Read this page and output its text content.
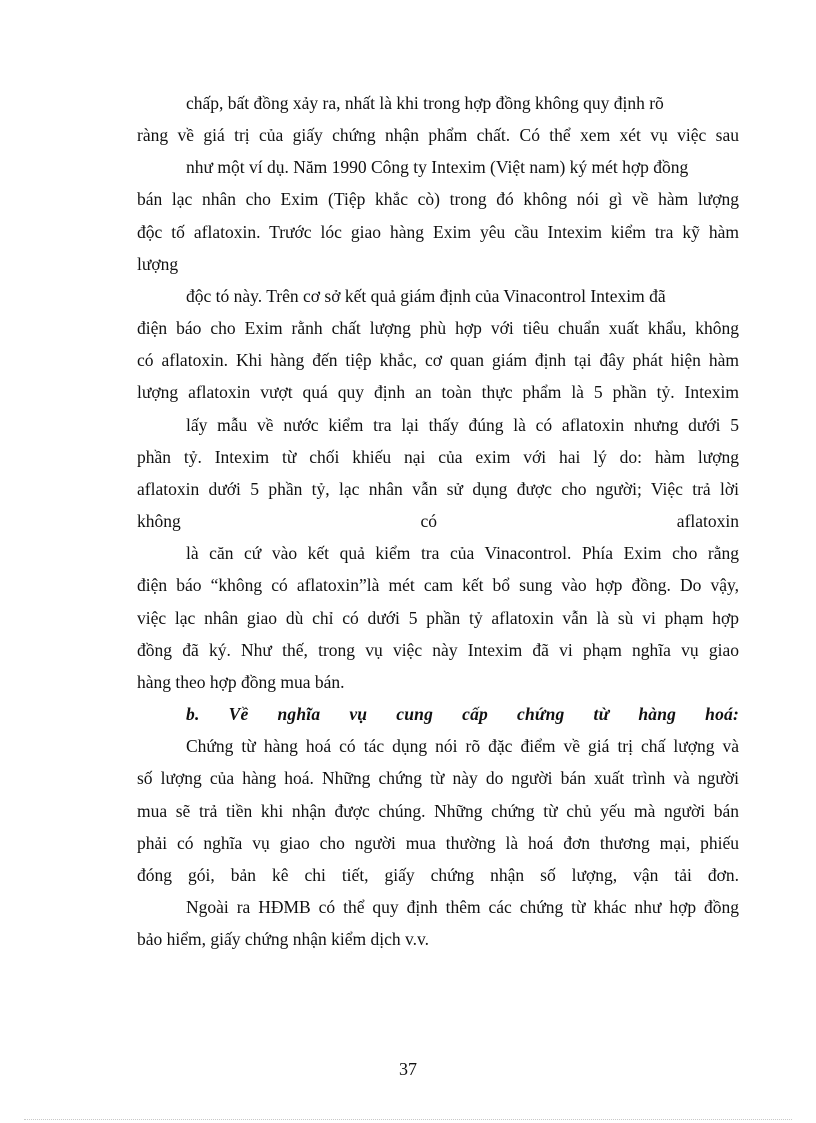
chấp, bất đồng xảy ra, nhất là khi trong hợp đồng không quy định rõ
ràng về giá trị của giấy chứng nhận phẩm chất. Có thể xem xét vụ việc sau
như một ví dụ. Năm 1990 Công ty Intexim (Việt nam) ký mét hợp đồng
bán lạc nhân cho Exim (Tiệp khắc cò) trong đó không nói gì về hàm lượng
độc tố aflatoxin. Trước lóc giao hàng Exim yêu cầu Intexim kiểm tra kỹ hàm
lượng
độc tó này. Trên cơ sở kết quả giám định của Vinacontrol Intexim đã
điện báo cho Exim rằnh chất lượng phù hợp với tiêu chuẩn xuất khẩu, không
có aflatoxin. Khi hàng đến tiệp khắc, cơ quan giám định tại đây phát hiện hàm
lượng aflatoxin vượt quá quy định an toàn thực phẩm là 5 phần tỷ. Intexim
lấy mẫu về nước kiểm tra lại thấy đúng là có aflatoxin nhưng dưới 5
phần tỷ. Intexim từ chối khiếu nại của exim với hai lý do: hàm lượng
aflatoxin dưới 5 phần tỷ, lạc nhân vẫn sử dụng được cho người; Việc trả lời
không có aflatoxin
là căn cứ vào kết quả kiểm tra của Vinacontrol. Phía Exim cho rằng
điện báo “không có aflatoxin”là mét cam kết bổ sung vào hợp đồng. Do vậy,
việc lạc nhân giao dù chỉ có dưới 5 phần tỷ aflatoxin vẫn là sù vi phạm hợp
đồng đã ký. Như thế, trong vụ việc này Intexim đã vi phạm nghĩa vụ giao
hàng theo hợp đồng mua bán.
b. Về nghĩa vụ cung cấp chứng từ hàng hoá:
Chứng từ hàng hoá có tác dụng nói rõ đặc điểm về giá trị chấ lượng và
số lượng của hàng hoá. Những chứng từ này do người bán xuất trình và người
mua sẽ trả tiền khi nhận được chúng. Những chứng từ chủ yếu mà người bán
phải có nghĩa vụ giao cho người mua thường là hoá đơn thương mại, phiếu
đóng gói, bản kê chi tiết, giấy chứng nhận số lượng, vận tải đơn.
Ngoài ra HĐMB có thể quy định thêm các chứng từ khác như hợp đồng
bảo hiểm, giấy chứng nhận kiểm dịch v.v.
37
